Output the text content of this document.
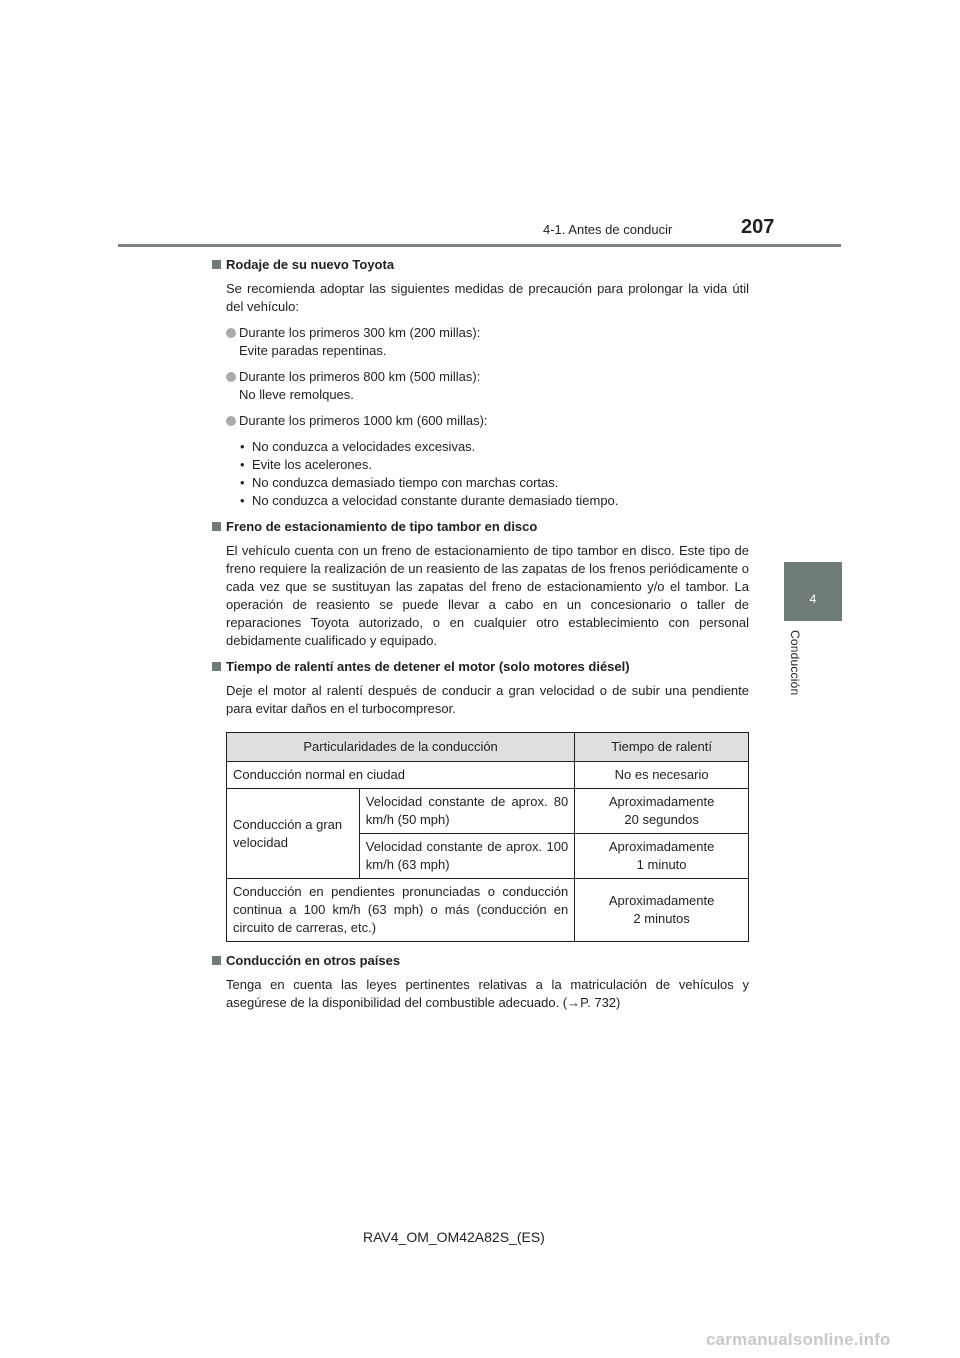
4-1. Antes de conducir	207
4
Conducción

Rodaje de su nuevo Toyota

Se recomienda adoptar las siguientes medidas de precaución para prolongar la vida útil del vehículo:

Durante los primeros 300 km (200 millas):
Evite paradas repentinas.
Durante los primeros 800 km (500 millas):
No lleve remolques.
Durante los primeros 1000 km (600 millas):
• No conduzca a velocidades excesivas.
• Evite los acelerones.
• No conduzca demasiado tiempo con marchas cortas.
• No conduzca a velocidad constante durante demasiado tiempo.

Freno de estacionamiento de tipo tambor en disco

El vehículo cuenta con un freno de estacionamiento de tipo tambor en disco. Este tipo de freno requiere la realización de un reasiento de las zapatas de los frenos periódicamente o cada vez que se sustituyan las zapatas del freno de estacionamiento y/o el tambor. La operación de reasiento se puede llevar a cabo en un concesionario o taller de reparaciones Toyota autorizado, o en cualquier otro establecimiento con personal debidamente cualificado y equipado.

Tiempo de ralentí antes de detener el motor (solo motores diésel)

Deje el motor al ralentí después de conducir a gran velocidad o de subir una pendiente para evitar daños en el turbocompresor.

Particularidades de la conducción		Tiempo de ralentí
Conducción normal en ciudad		No es necesario
Conducción a gran velocidad	Velocidad constante de aprox. 80 km/h (50 mph)	Aproximadamente
20 segundos

	Velocidad constante de aprox. 100 km/h (63 mph)	Aproximadamente
1 minuto

Conducción en pendientes pronunciadas o conducción continua a 100 km/h (63 mph) o más (conducción en circuito de carreras, etc.)		Aproximadamente
2 minutos

Conducción en otros países

Tenga en cuenta las leyes pertinentes relativas a la matriculación de vehículos y asegúrese de la disponibilidad del combustible adecuado. (→P. 732)

RAV4_OM_OM42A82S_(ES)
carmanualsonline.info
